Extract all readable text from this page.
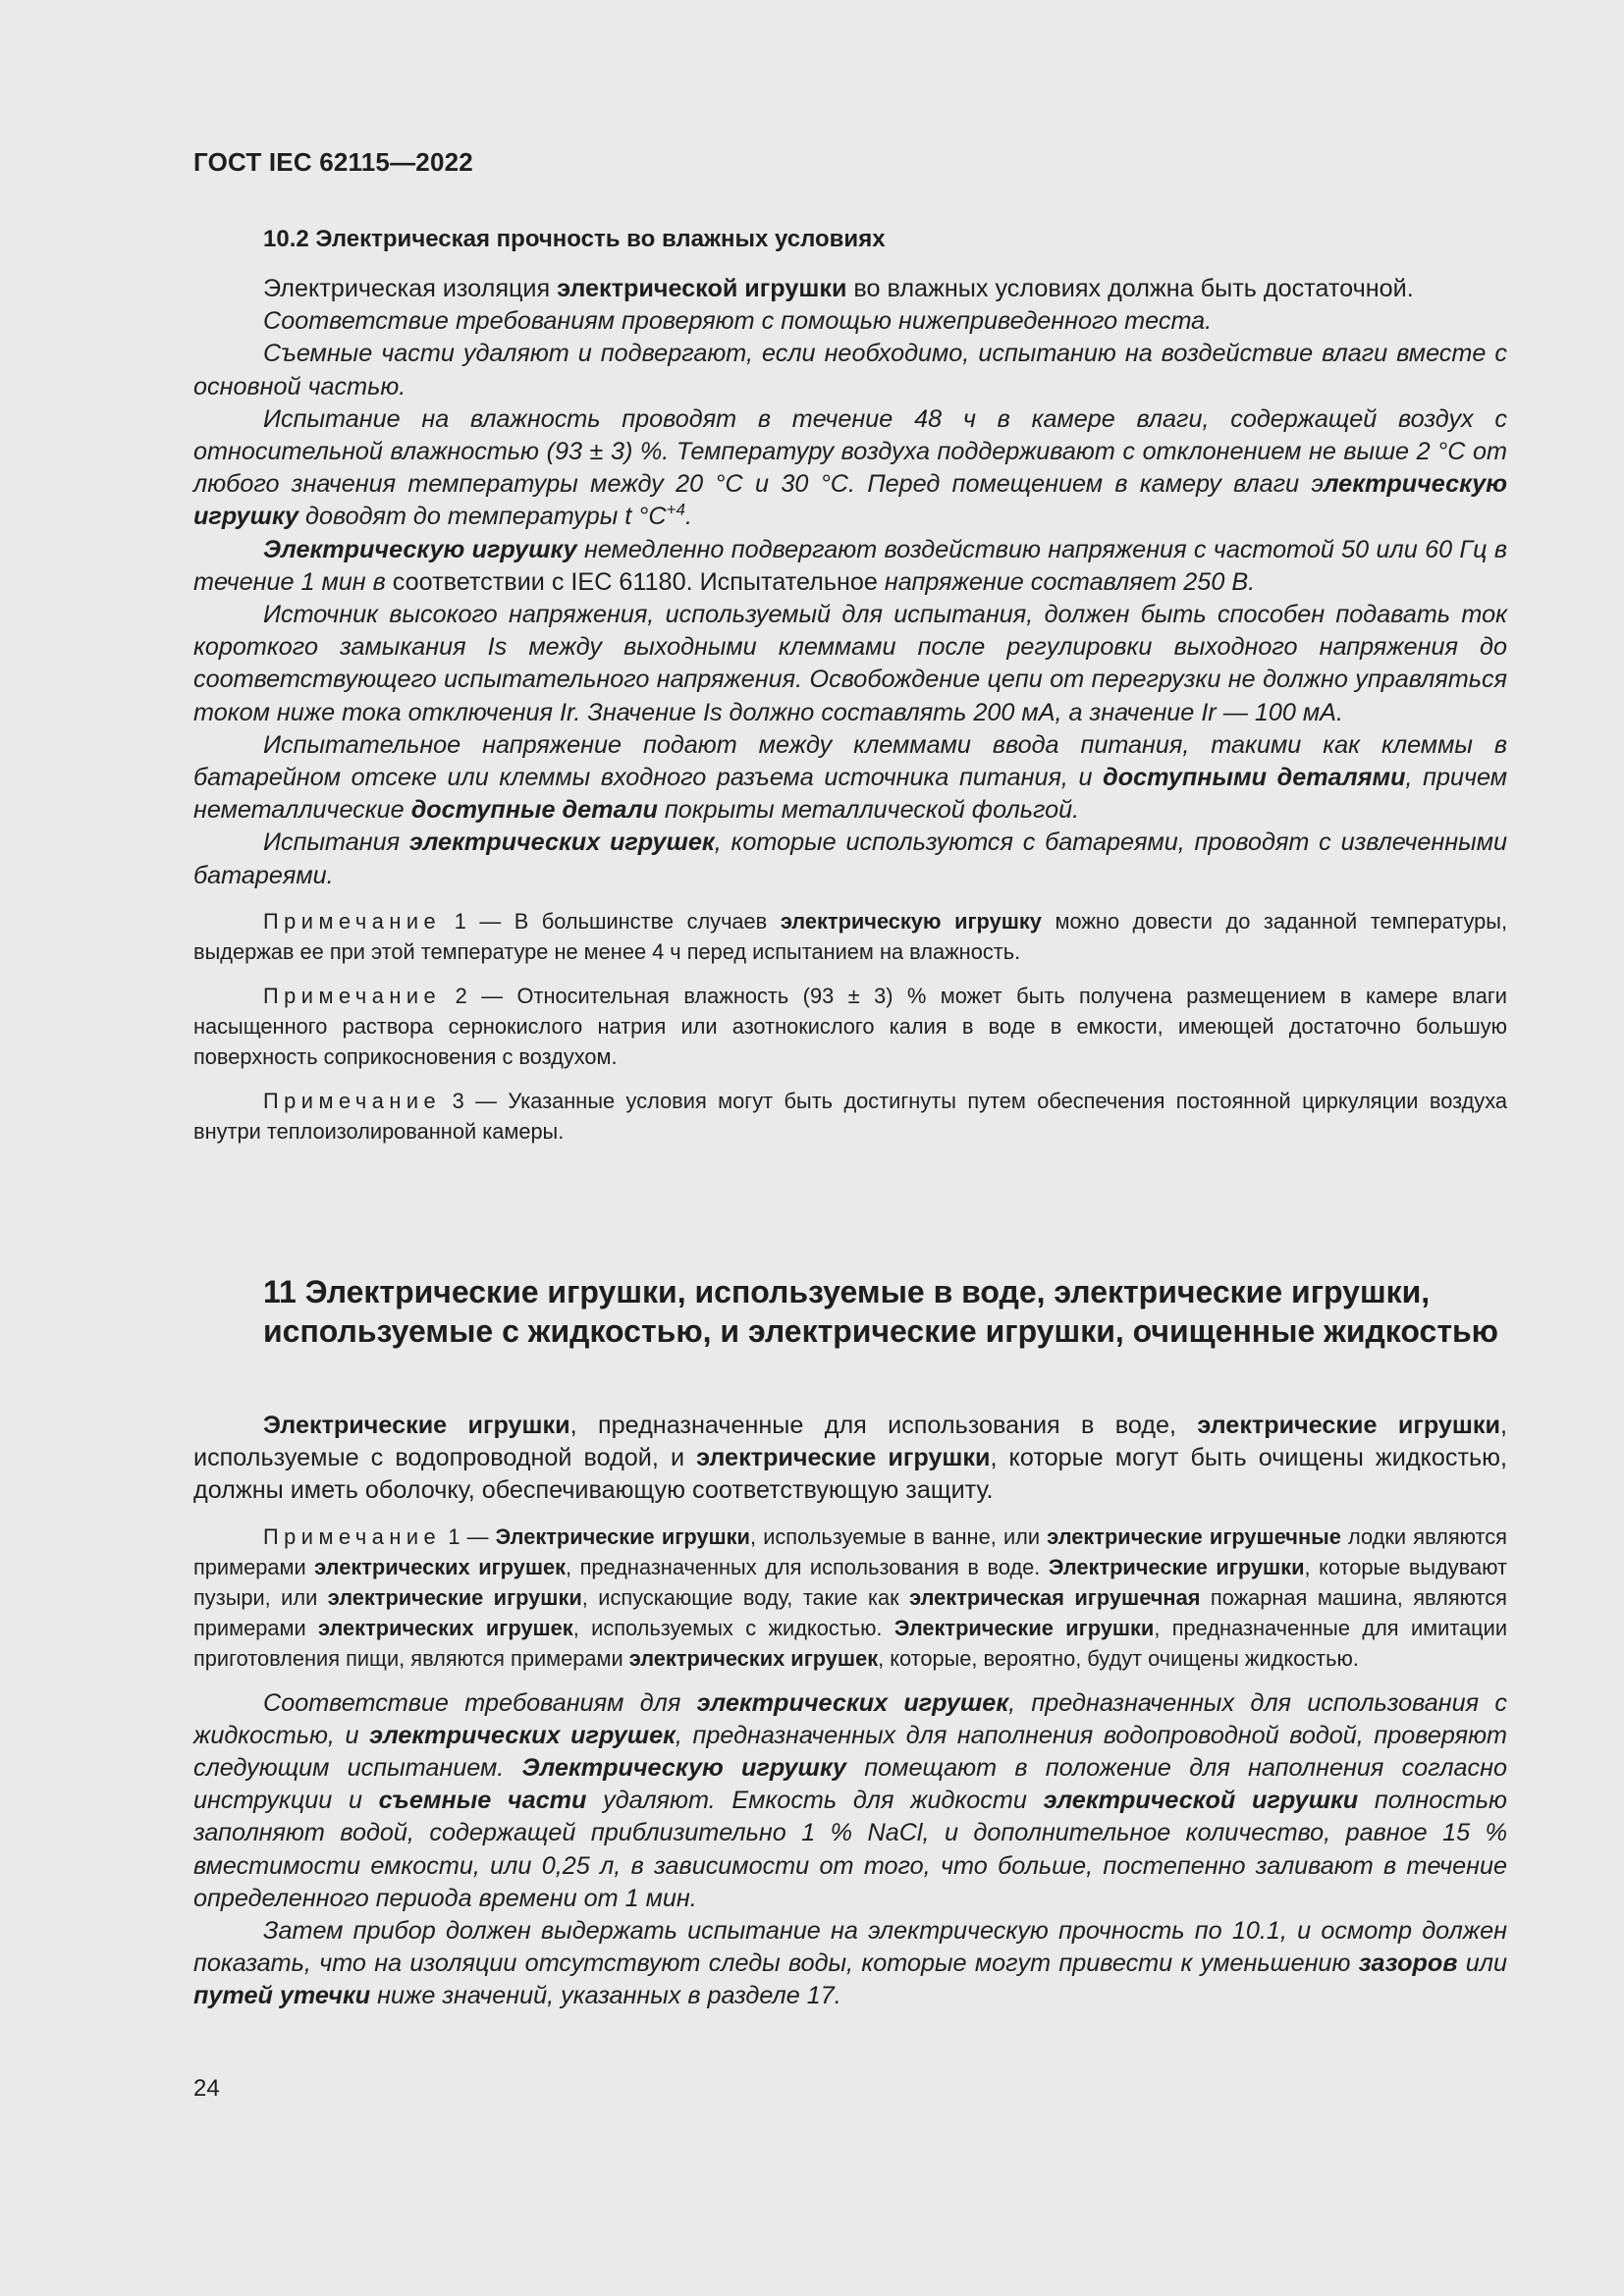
ГОСТ IEC 62115—2022
10.2 Электрическая прочность во влажных условиях

Электрическая изоляция электрической игрушки во влажных условиях должна быть достаточной.

Соответствие требованиям проверяют с помощью нижеприведенного теста.

Съемные части удаляют и подвергают, если необходимо, испытанию на воздействие влаги вместе с основной частью.

Испытание на влажность проводят в течение 48 ч в камере влаги, содержащей воздух с относительной влажностью (93 ± 3) %. Температуру воздуха поддерживают с отклонением не выше 2 °С от любого значения температуры между 20 °С и 30 °С. Перед помещением в камеру влаги электрическую игрушку доводят до температуры t $^\circ С^{+4}$.

Электрическую игрушку немедленно подвергают воздействию напряжения с частотой 50 или 60 Гц в течение 1 мин в соответствии с IEC 61180. Испытательное напряжение составляет 250 В.

Источник высокого напряжения, используемый для испытания, должен быть способен подавать ток короткого замыкания Is между выходными клеммами после регулировки выходного напряжения до соответствующего испытательного напряжения. Освобождение цепи от перегрузки не должно управляться током ниже тока отключения Ir. Значение Is должно составлять 200 мА, а значение Ir — 100 мА.

Испытательное напряжение подают между клеммами ввода питания, такими как клеммы в батарейном отсеке или клеммы входного разъема источника питания, и доступными деталями, причем неметаллические доступные детали покрыты металлической фольгой.

Испытания электрических игрушек, которые используются с батареями, проводят с извлеченными батареями.

Примечание 1 — В большинстве случаев электрическую игрушку можно довести до заданной температуры, выдержав ее при этой температуре не менее 4 ч перед испытанием на влажность.

Примечание 2 — Относительная влажность (93 ± 3) % может быть получена размещением в камере влаги насыщенного раствора сернокислого натрия или азотнокислого калия в воде в емкости, имеющей достаточно большую поверхность соприкосновения с воздухом.

Примечание 3 — Указанные условия могут быть достигнуты путем обеспечения постоянной циркуляции воздуха внутри теплоизолированной камеры.

11 Электрические игрушки, используемые в воде, электрические игрушки, используемые с жидкостью, и электрические игрушки, очищенные жидкостью

Электрические игрушки, предназначенные для использования в воде, электрические игрушки, используемые с водопроводной водой, и электрические игрушки, которые могут быть очищены жидкостью, должны иметь оболочку, обеспечивающую соответствующую защиту.

Примечание 1 — Электрические игрушки, используемые в ванне, или электрические игрушечные лодки являются примерами электрических игрушек, предназначенных для использования в воде. Электрические игрушки, которые выдувают пузыри, или электрические игрушки, испускающие воду, такие как электрическая игрушечная пожарная машина, являются примерами электрических игрушек, используемых с жидкостью. Электрические игрушки, предназначенные для имитации приготовления пищи, являются примерами электрических игрушек, которые, вероятно, будут очищены жидкостью.

Соответствие требованиям для электрических игрушек, предназначенных для использования с жидкостью, и электрических игрушек, предназначенных для наполнения водопроводной водой, проверяют следующим испытанием. Электрическую игрушку помещают в положение для наполнения согласно инструкции и съемные части удаляют. Емкость для жидкости электрической игрушки полностью заполняют водой, содержащей приблизительно 1 % NaCl, и дополнительное количество, равное 15 % вместимости емкости, или 0,25 л, в зависимости от того, что больше, постепенно заливают в течение определенного периода времени от 1 мин.

Затем прибор должен выдержать испытание на электрическую прочность по 10.1, и осмотр должен показать, что на изоляции отсутствуют следы воды, которые могут привести к уменьшению зазоров или путей утечки ниже значений, указанных в разделе 17.

24
